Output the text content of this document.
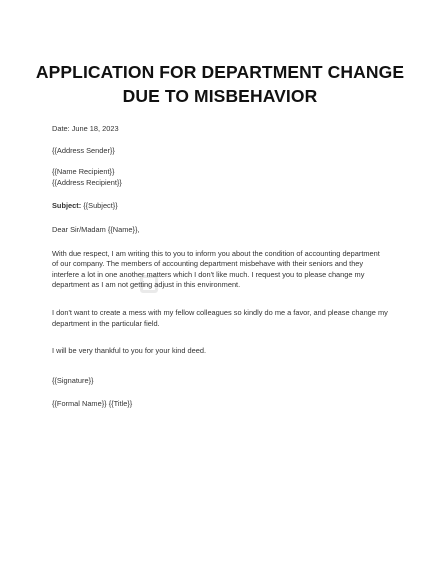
APPLICATION FOR DEPARTMENT CHANGE
DUE TO MISBEHAVIOR
Date: June 18, 2023
{{Address Sender}}
{{Name Recipient}}
{{Address Recipient}}
Subject: {{Subject}}
Dear Sir/Madam {{Name}},
With due respect, I am writing this to you to inform you about the condition of accounting department
of our company. The members of accounting department misbehave with their seniors and they
interfere a lot in one another matters which I don't like much. I request you to please change my
department as I am not getting adjust in this environment.
I don't want to create a mess with my fellow colleagues so kindly do me a favor, and please change my
department in the particular field.
I will be very thankful to you for your kind deed.
{{Signature}}
{{Formal Name}} {{Title}}
